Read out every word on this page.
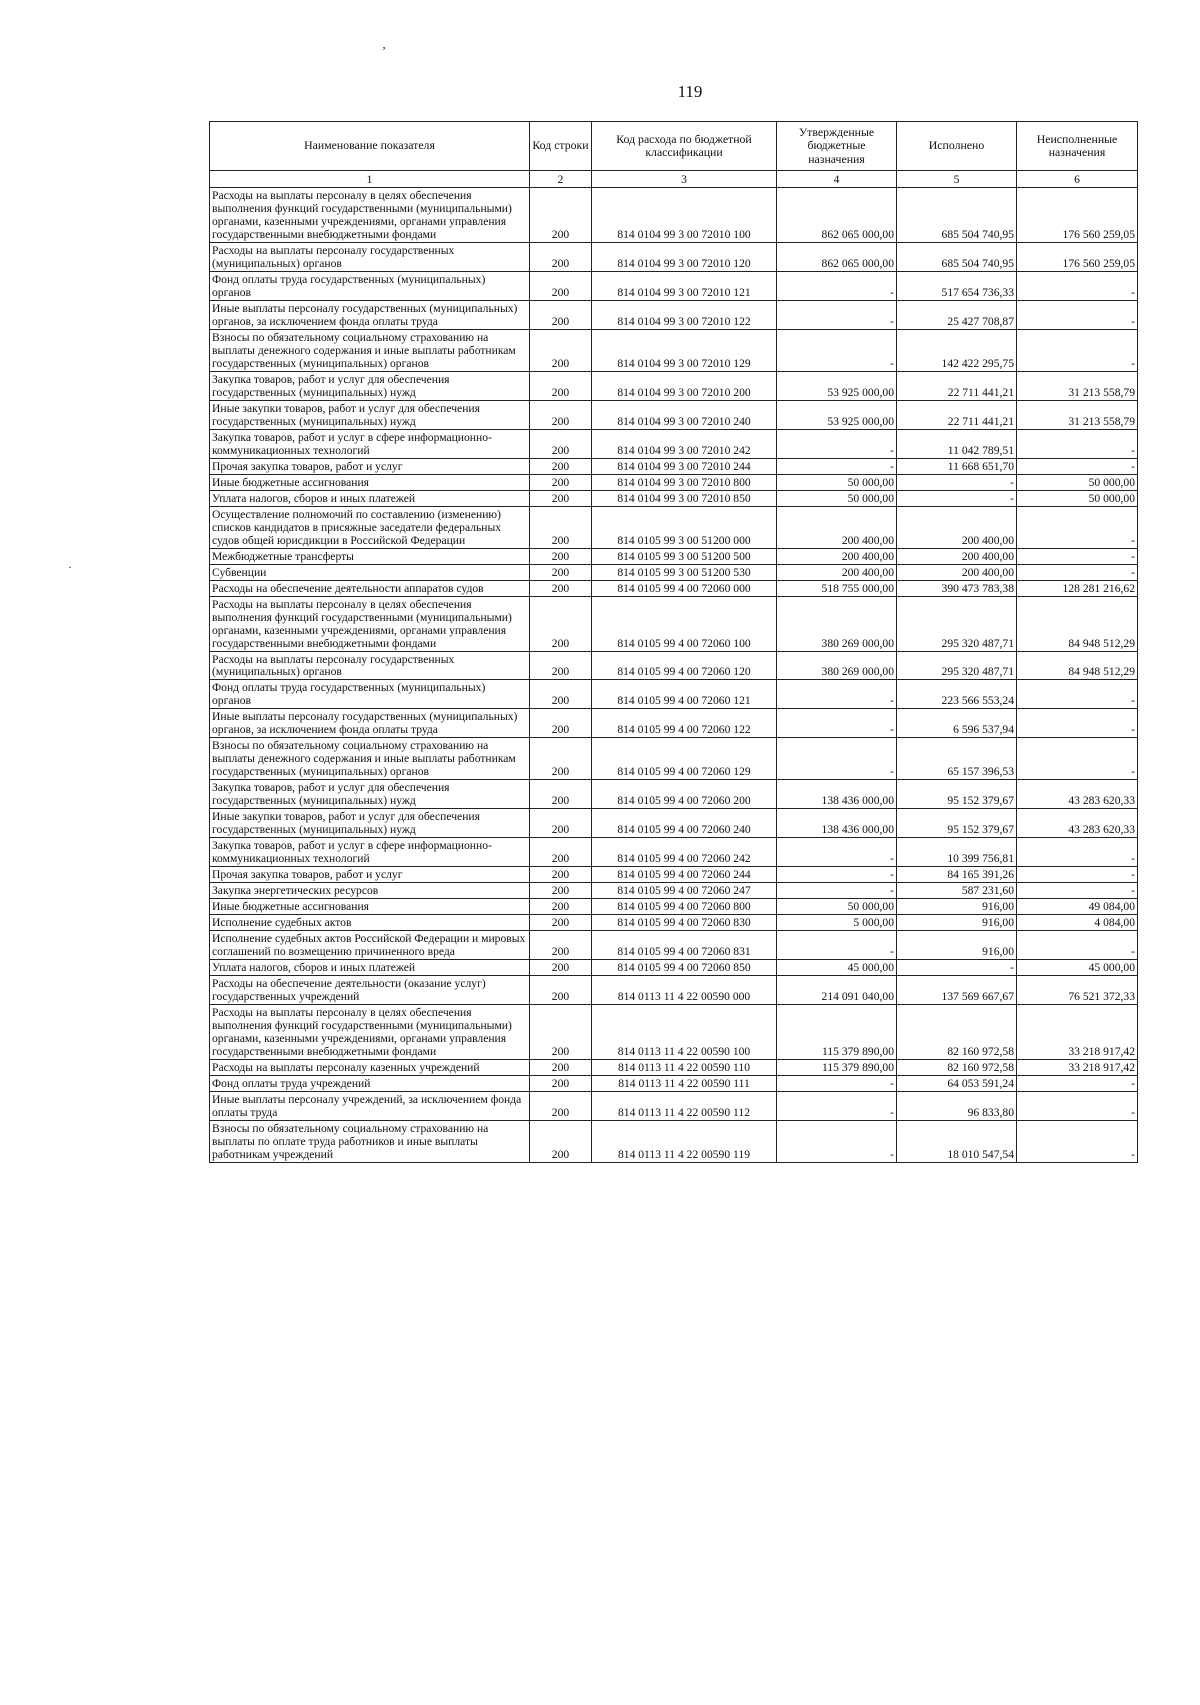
119
ʼ
·
Наименование показателя	Код строки	Код расхода по бюджетной классификации	Утвержденные бюджетные назначения	Исполнено	Неисполненные назначения
1	2	3	4	5	6
Расходы на выплаты персоналу в целях обеспечения выполнения функций государственными (муниципальными) органами, казенными учреждениями, органами управления государственными внебюджетными фондами	200	814 0104 99 3 00 72010 100	862 065 000,00	685 504 740,95	176 560 259,05
Расходы на выплаты персоналу государственных (муниципальных) органов	200	814 0104 99 3 00 72010 120	862 065 000,00	685 504 740,95	176 560 259,05
Фонд оплаты труда государственных (муниципальных) органов	200	814 0104 99 3 00 72010 121	-	517 654 736,33	-
Иные выплаты персоналу государственных (муниципальных) органов, за исключением фонда оплаты труда	200	814 0104 99 3 00 72010 122	-	25 427 708,87	-
Взносы по обязательному социальному страхованию на выплаты денежного содержания и иные выплаты работникам государственных (муниципальных) органов	200	814 0104 99 3 00 72010 129	-	142 422 295,75	-
Закупка товаров, работ и услуг для обеспечения государственных (муниципальных) нужд	200	814 0104 99 3 00 72010 200	53 925 000,00	22 711 441,21	31 213 558,79
Иные закупки товаров, работ и услуг для обеспечения государственных (муниципальных) нужд	200	814 0104 99 3 00 72010 240	53 925 000,00	22 711 441,21	31 213 558,79
Закупка товаров, работ и услуг в сфере информационно-коммуникационных технологий	200	814 0104 99 3 00 72010 242	-	11 042 789,51	-
Прочая закупка товаров, работ и услуг	200	814 0104 99 3 00 72010 244	-	11 668 651,70	-
Иные бюджетные ассигнования	200	814 0104 99 3 00 72010 800	50 000,00	-	50 000,00
Уплата налогов, сборов и иных платежей	200	814 0104 99 3 00 72010 850	50 000,00	-	50 000,00
Осуществление полномочий по составлению (изменению) списков кандидатов в присяжные заседатели федеральных судов общей юрисдикции в Российской Федерации	200	814 0105 99 3 00 51200 000	200 400,00	200 400,00	-
Межбюджетные трансферты	200	814 0105 99 3 00 51200 500	200 400,00	200 400,00	-
Субвенции	200	814 0105 99 3 00 51200 530	200 400,00	200 400,00	-
Расходы на обеспечение деятельности аппаратов судов	200	814 0105 99 4 00 72060 000	518 755 000,00	390 473 783,38	128 281 216,62
Расходы на выплаты персоналу в целях обеспечения выполнения функций государственными (муниципальными) органами, казенными учреждениями, органами управления государственными внебюджетными фондами	200	814 0105 99 4 00 72060 100	380 269 000,00	295 320 487,71	84 948 512,29
Расходы на выплаты персоналу государственных (муниципальных) органов	200	814 0105 99 4 00 72060 120	380 269 000,00	295 320 487,71	84 948 512,29
Фонд оплаты труда государственных (муниципальных) органов	200	814 0105 99 4 00 72060 121	-	223 566 553,24	-
Иные выплаты персоналу государственных (муниципальных) органов, за исключением фонда оплаты труда	200	814 0105 99 4 00 72060 122	-	6 596 537,94	-
Взносы по обязательному социальному страхованию на выплаты денежного содержания и иные выплаты работникам государственных (муниципальных) органов	200	814 0105 99 4 00 72060 129	-	65 157 396,53	-
Закупка товаров, работ и услуг для обеспечения государственных (муниципальных) нужд	200	814 0105 99 4 00 72060 200	138 436 000,00	95 152 379,67	43 283 620,33
Иные закупки товаров, работ и услуг для обеспечения государственных (муниципальных) нужд	200	814 0105 99 4 00 72060 240	138 436 000,00	95 152 379,67	43 283 620,33
Закупка товаров, работ и услуг в сфере информационно-коммуникационных технологий	200	814 0105 99 4 00 72060 242	-	10 399 756,81	-
Прочая закупка товаров, работ и услуг	200	814 0105 99 4 00 72060 244	-	84 165 391,26	-
Закупка энергетических ресурсов	200	814 0105 99 4 00 72060 247	-	587 231,60	-
Иные бюджетные ассигнования	200	814 0105 99 4 00 72060 800	50 000,00	916,00	49 084,00
Исполнение судебных актов	200	814 0105 99 4 00 72060 830	5 000,00	916,00	4 084,00
Исполнение судебных актов Российской Федерации и мировых соглашений по возмещению причиненного вреда	200	814 0105 99 4 00 72060 831	-	916,00	-
Уплата налогов, сборов и иных платежей	200	814 0105 99 4 00 72060 850	45 000,00	-	45 000,00
Расходы на обеспечение деятельности (оказание услуг) государственных учреждений	200	814 0113 11 4 22 00590 000	214 091 040,00	137 569 667,67	76 521 372,33
Расходы на выплаты персоналу в целях обеспечения выполнения функций государственными (муниципальными) органами, казенными учреждениями, органами управления государственными внебюджетными фондами	200	814 0113 11 4 22 00590 100	115 379 890,00	82 160 972,58	33 218 917,42
Расходы на выплаты персоналу казенных учреждений	200	814 0113 11 4 22 00590 110	115 379 890,00	82 160 972,58	33 218 917,42
Фонд оплаты труда учреждений	200	814 0113 11 4 22 00590 111	-	64 053 591,24	-
Иные выплаты персоналу учреждений, за исключением фонда оплаты труда	200	814 0113 11 4 22 00590 112	-	96 833,80	-
Взносы по обязательному социальному страхованию на выплаты по оплате труда работников и иные выплаты работникам учреждений	200	814 0113 11 4 22 00590 119	-	18 010 547,54	-
